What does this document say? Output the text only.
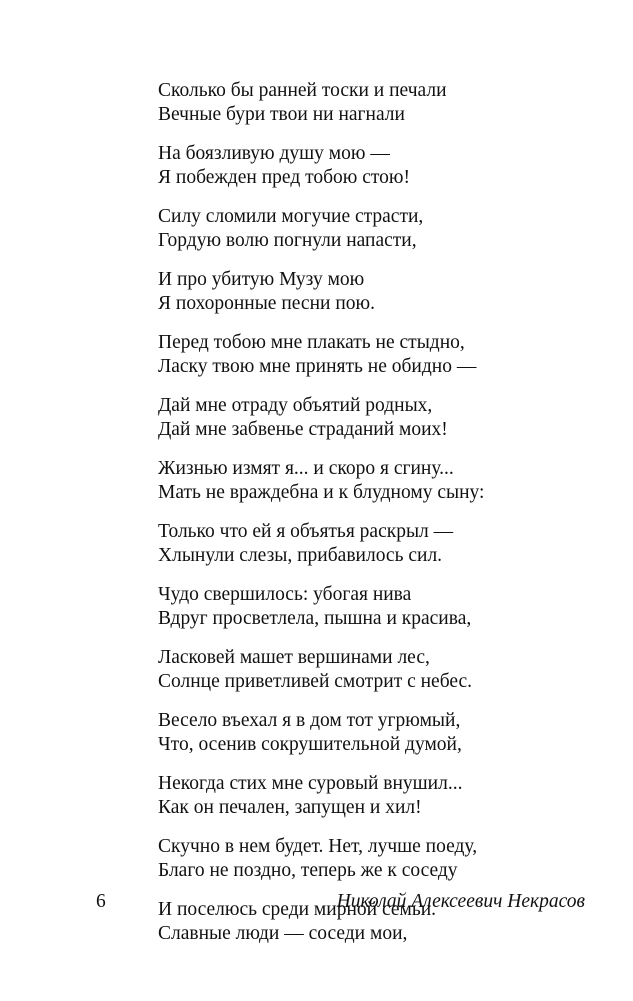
Сколько бы ранней тоски и печали
Вечные бури твои ни нагнали
На боязливую душу мою —
Я побежден пред тобою стою!
Силу сломили могучие страсти,
Гордую волю погнули напасти,
И про убитую Музу мою
Я похоронные песни пою.
Перед тобою мне плакать не стыдно,
Ласку твою мне принять не обидно —
Дай мне отраду объятий родных,
Дай мне забвенье страданий моих!
Жизнью измят я... и скоро я сгину...
Мать не враждебна и к блудному сыну:
Только что ей я объятья раскрыл —
Хлынули слезы, прибавилось сил.
Чудо свершилось: убогая нива
Вдруг просветлела, пышна и красива,
Ласковей машет вершинами лес,
Солнце приветливей смотрит с небес.
Весело въехал я в дом тот угрюмый,
Что, осенив сокрушительной думой,
Некогда стих мне суровый внушил...
Как он печален, запущен и хил!
Скучно в нем будет. Нет, лучше поеду,
Благо не поздно, теперь же к соседу
И поселюсь среди мирной семьи.
Славные люди — соседи мои,
6	Николай Алексеевич Некрасов
